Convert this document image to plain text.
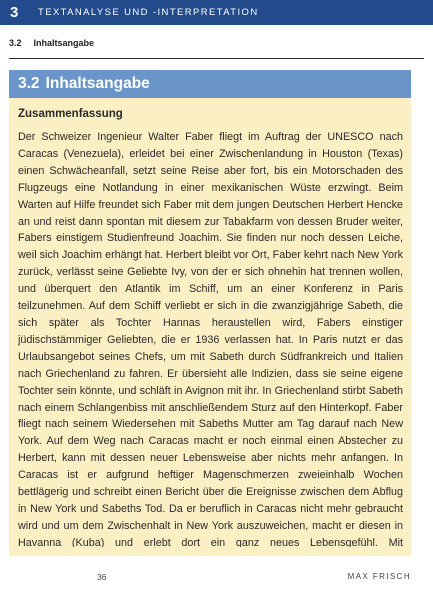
3	TEXTANALYSE UND -INTERPRETATION
3.2 Inhaltsangabe
3.2 Inhaltsangabe
Zusammenfassung
Der Schweizer Ingenieur Walter Faber fliegt im Auftrag der UNESCO nach Caracas (Venezuela), erleidet bei einer Zwischenlandung in Houston (Texas) einen Schwächeanfall, setzt seine Reise aber fort, bis ein Motorschaden des Flugzeugs eine Notlandung in einer mexikanischen Wüste erzwingt. Beim Warten auf Hilfe freundet sich Faber mit dem jungen Deutschen Herbert Hencke an und reist dann spontan mit diesem zur Tabakfarm von dessen Bruder weiter, Fabers einstigem Studienfreund Joachim. Sie finden nur noch dessen Leiche, weil sich Joachim erhängt hat. Herbert bleibt vor Ort, Faber kehrt nach New York zurück, verlässt seine Geliebte Ivy, von der er sich ohnehin hat trennen wollen, und überquert den Atlantik im Schiff, um an einer Konferenz in Paris teilzunehmen. Auf dem Schiff verliebt er sich in die zwanzigjährige Sabeth, die sich später als Tochter Hannas heraustellen wird, Fabers einstiger jüdischstämmiger Geliebten, die er 1936 verlassen hat. In Paris nutzt er das Urlaubsangebot seines Chefs, um mit Sabeth durch Südfrankreich und Italien nach Griechenland zu fahren. Er übersieht alle Indizien, dass sie seine eigene Tochter sein könnte, und schläft in Avignon mit ihr. In Griechenland stirbt Sabeth nach einem Schlangenbiss mit anschließendem Sturz auf den Hinterkopf. Faber fliegt nach seinem Wiedersehen mit Sabeths Mutter am Tag darauf nach New York. Auf dem Weg nach Caracas macht er noch einmal einen Abstecher zu Herbert, kann mit dessen neuer Lebensweise aber nichts mehr anfangen. In Caracas ist er aufgrund heftiger Magenschmerzen zweieinhalb Wochen bettlägerig und schreibt einen Bericht über die Ereignisse zwischen dem Abflug in New York und Sabeths Tod. Da er beruflich in Caracas nicht mehr gebraucht wird und um dem Zwischenhalt in New York auszuweichen, macht er diesen in Havanna (Kuba) und erlebt dort ein ganz neues Lebensgefühl. Mit
36	MAX FRISCH
